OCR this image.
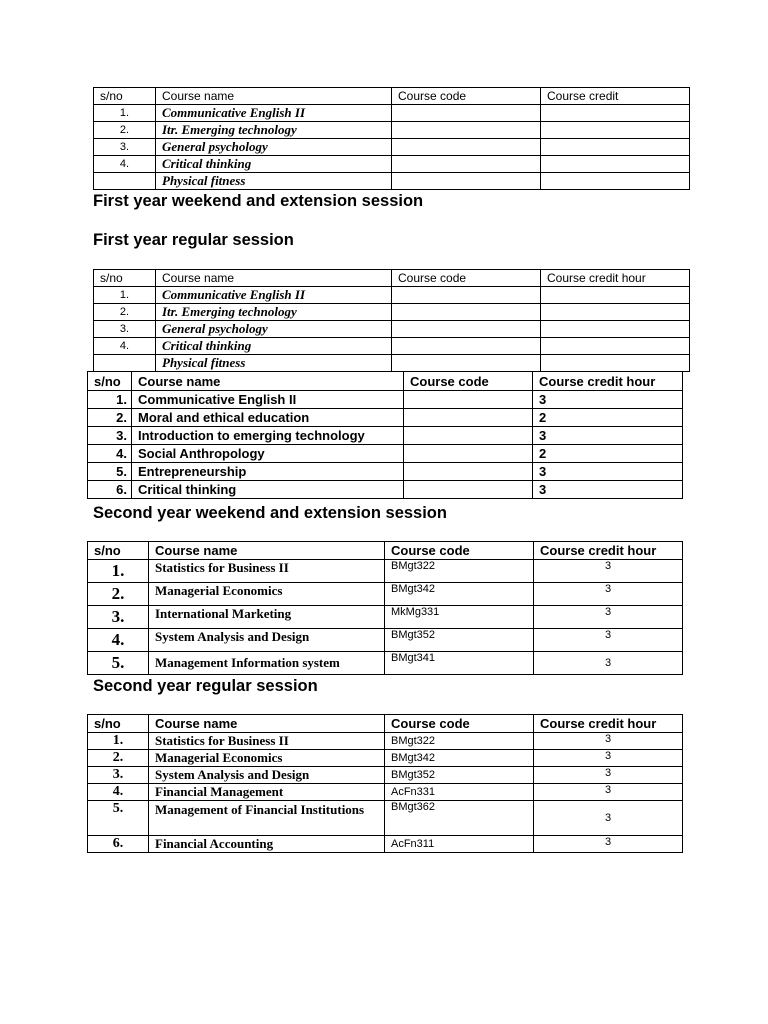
s/no	Course name	Course code	Course credit
1.	Communicative English II		
2.	Itr. Emerging technology		
3.	General psychology		
4.	Critical thinking		
	Physical fitness		
First year weekend and extension session
First year regular session
s/no	Course name	Course code	Course credit hour
1.	Communicative English II		
2.	Itr. Emerging technology		
3.	General psychology		
4.	Critical thinking		
	Physical fitness		
s/no	Course name	Course code	Course credit hour
1.	Communicative English II		3
2.	Moral and ethical education		2
3.	Introduction to emerging technology		3
4.	Social Anthropology		2
5.	Entrepreneurship		3
6.	Critical thinking		3
Second year weekend and extension session
s/no	Course name	Course code	Course credit hour
1.	Statistics for Business II	BMgt322	3
2.	Managerial Economics	BMgt342	3
3.	International Marketing	MkMg331	3
4.	System Analysis and Design	BMgt352	3
5.	Management Information system	BMgt341	3
Second year regular session
s/no	Course name	Course code	Course credit hour
1.	Statistics for Business II	BMgt322	3
2.	Managerial Economics	BMgt342	3
3.	System Analysis and Design	BMgt352	3
4.	Financial Management	AcFn331	3
5.	Management of Financial Institutions	BMgt362	3
6.	Financial Accounting	AcFn311	3
